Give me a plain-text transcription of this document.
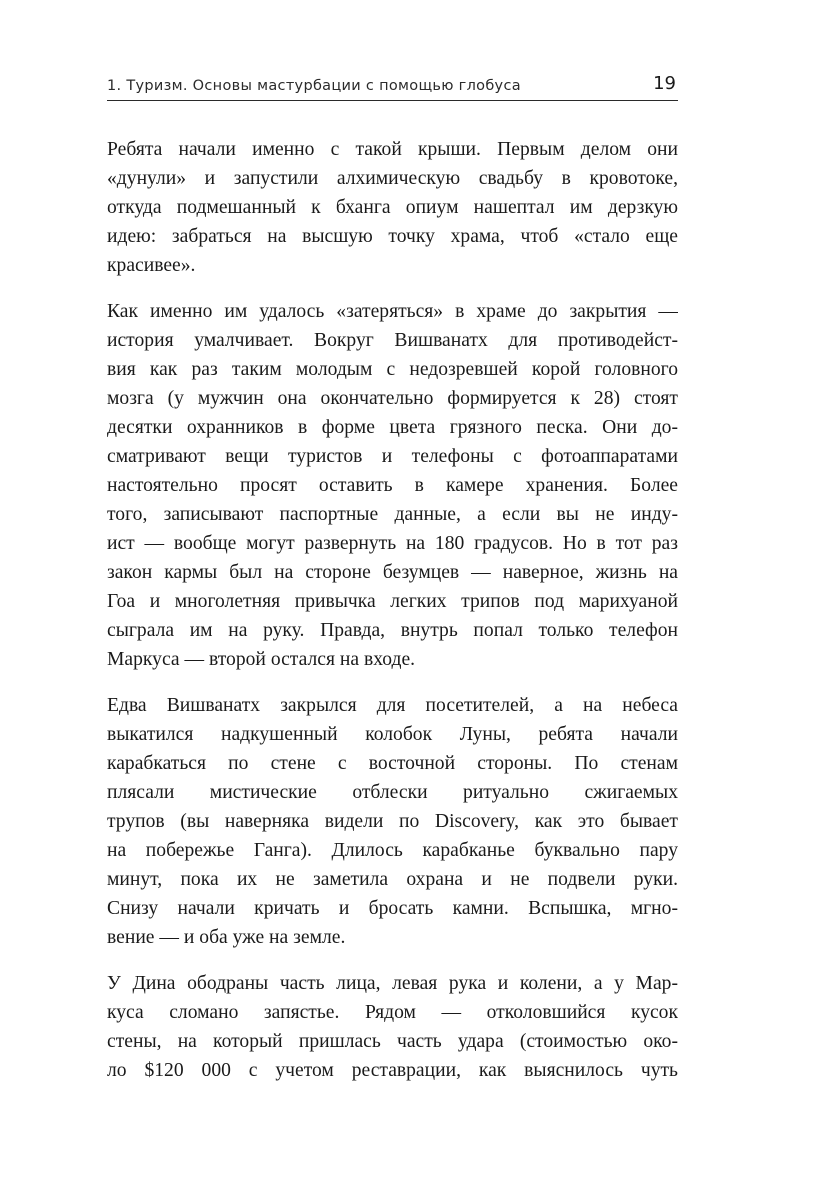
1. Туризм. Основы мастурбации с помощью глобуса	19

Ребята начали именно с такой крыши. Первым делом они
«дунули» и запустили алхимическую свадьбу в кровотоке,
откуда подмешанный к бханга опиум нашептал им дерзкую
идею: забраться на высшую точку храма, чтоб «стало еще
красивее».

Как именно им удалось «затеряться» в храме до закрытия —
история умалчивает. Вокруг Вишванатх для противодейст-
вия как раз таким молодым с недозревшей корой головного
мозга (у мужчин она окончательно формируется к 28) стоят
десятки охранников в форме цвета грязного песка. Они до-
сматривают вещи туристов и телефоны с фотоаппаратами
настоятельно просят оставить в камере хранения. Более
того, записывают паспортные данные, а если вы не инду-
ист — вообще могут развернуть на 180 градусов. Но в тот раз
закон кармы был на стороне безумцев — наверное, жизнь на
Гоа и многолетняя привычка легких трипов под марихуаной
сыграла им на руку. Правда, внутрь попал только телефон
Маркуса — второй остался на входе.

Едва Вишванатх закрылся для посетителей, а на небеса
выкатился надкушенный колобок Луны, ребята начали
карабкаться по стене с восточной стороны. По стенам
плясали мистические отблески ритуально сжигаемых
трупов (вы наверняка видели по Discovery, как это бывает
на побережье Ганга). Длилось карабканье буквально пару
минут, пока их не заметила охрана и не подвели руки.
Снизу начали кричать и бросать камни. Вспышка, мгно-
вение — и оба уже на земле.

У Дина ободраны часть лица, левая рука и колени, а у Мар-
куса сломано запястье. Рядом — отколовшийся кусок
стены, на который пришлась часть удара (стоимостью око-
ло $120 000 с учетом реставрации, как выяснилось чуть
